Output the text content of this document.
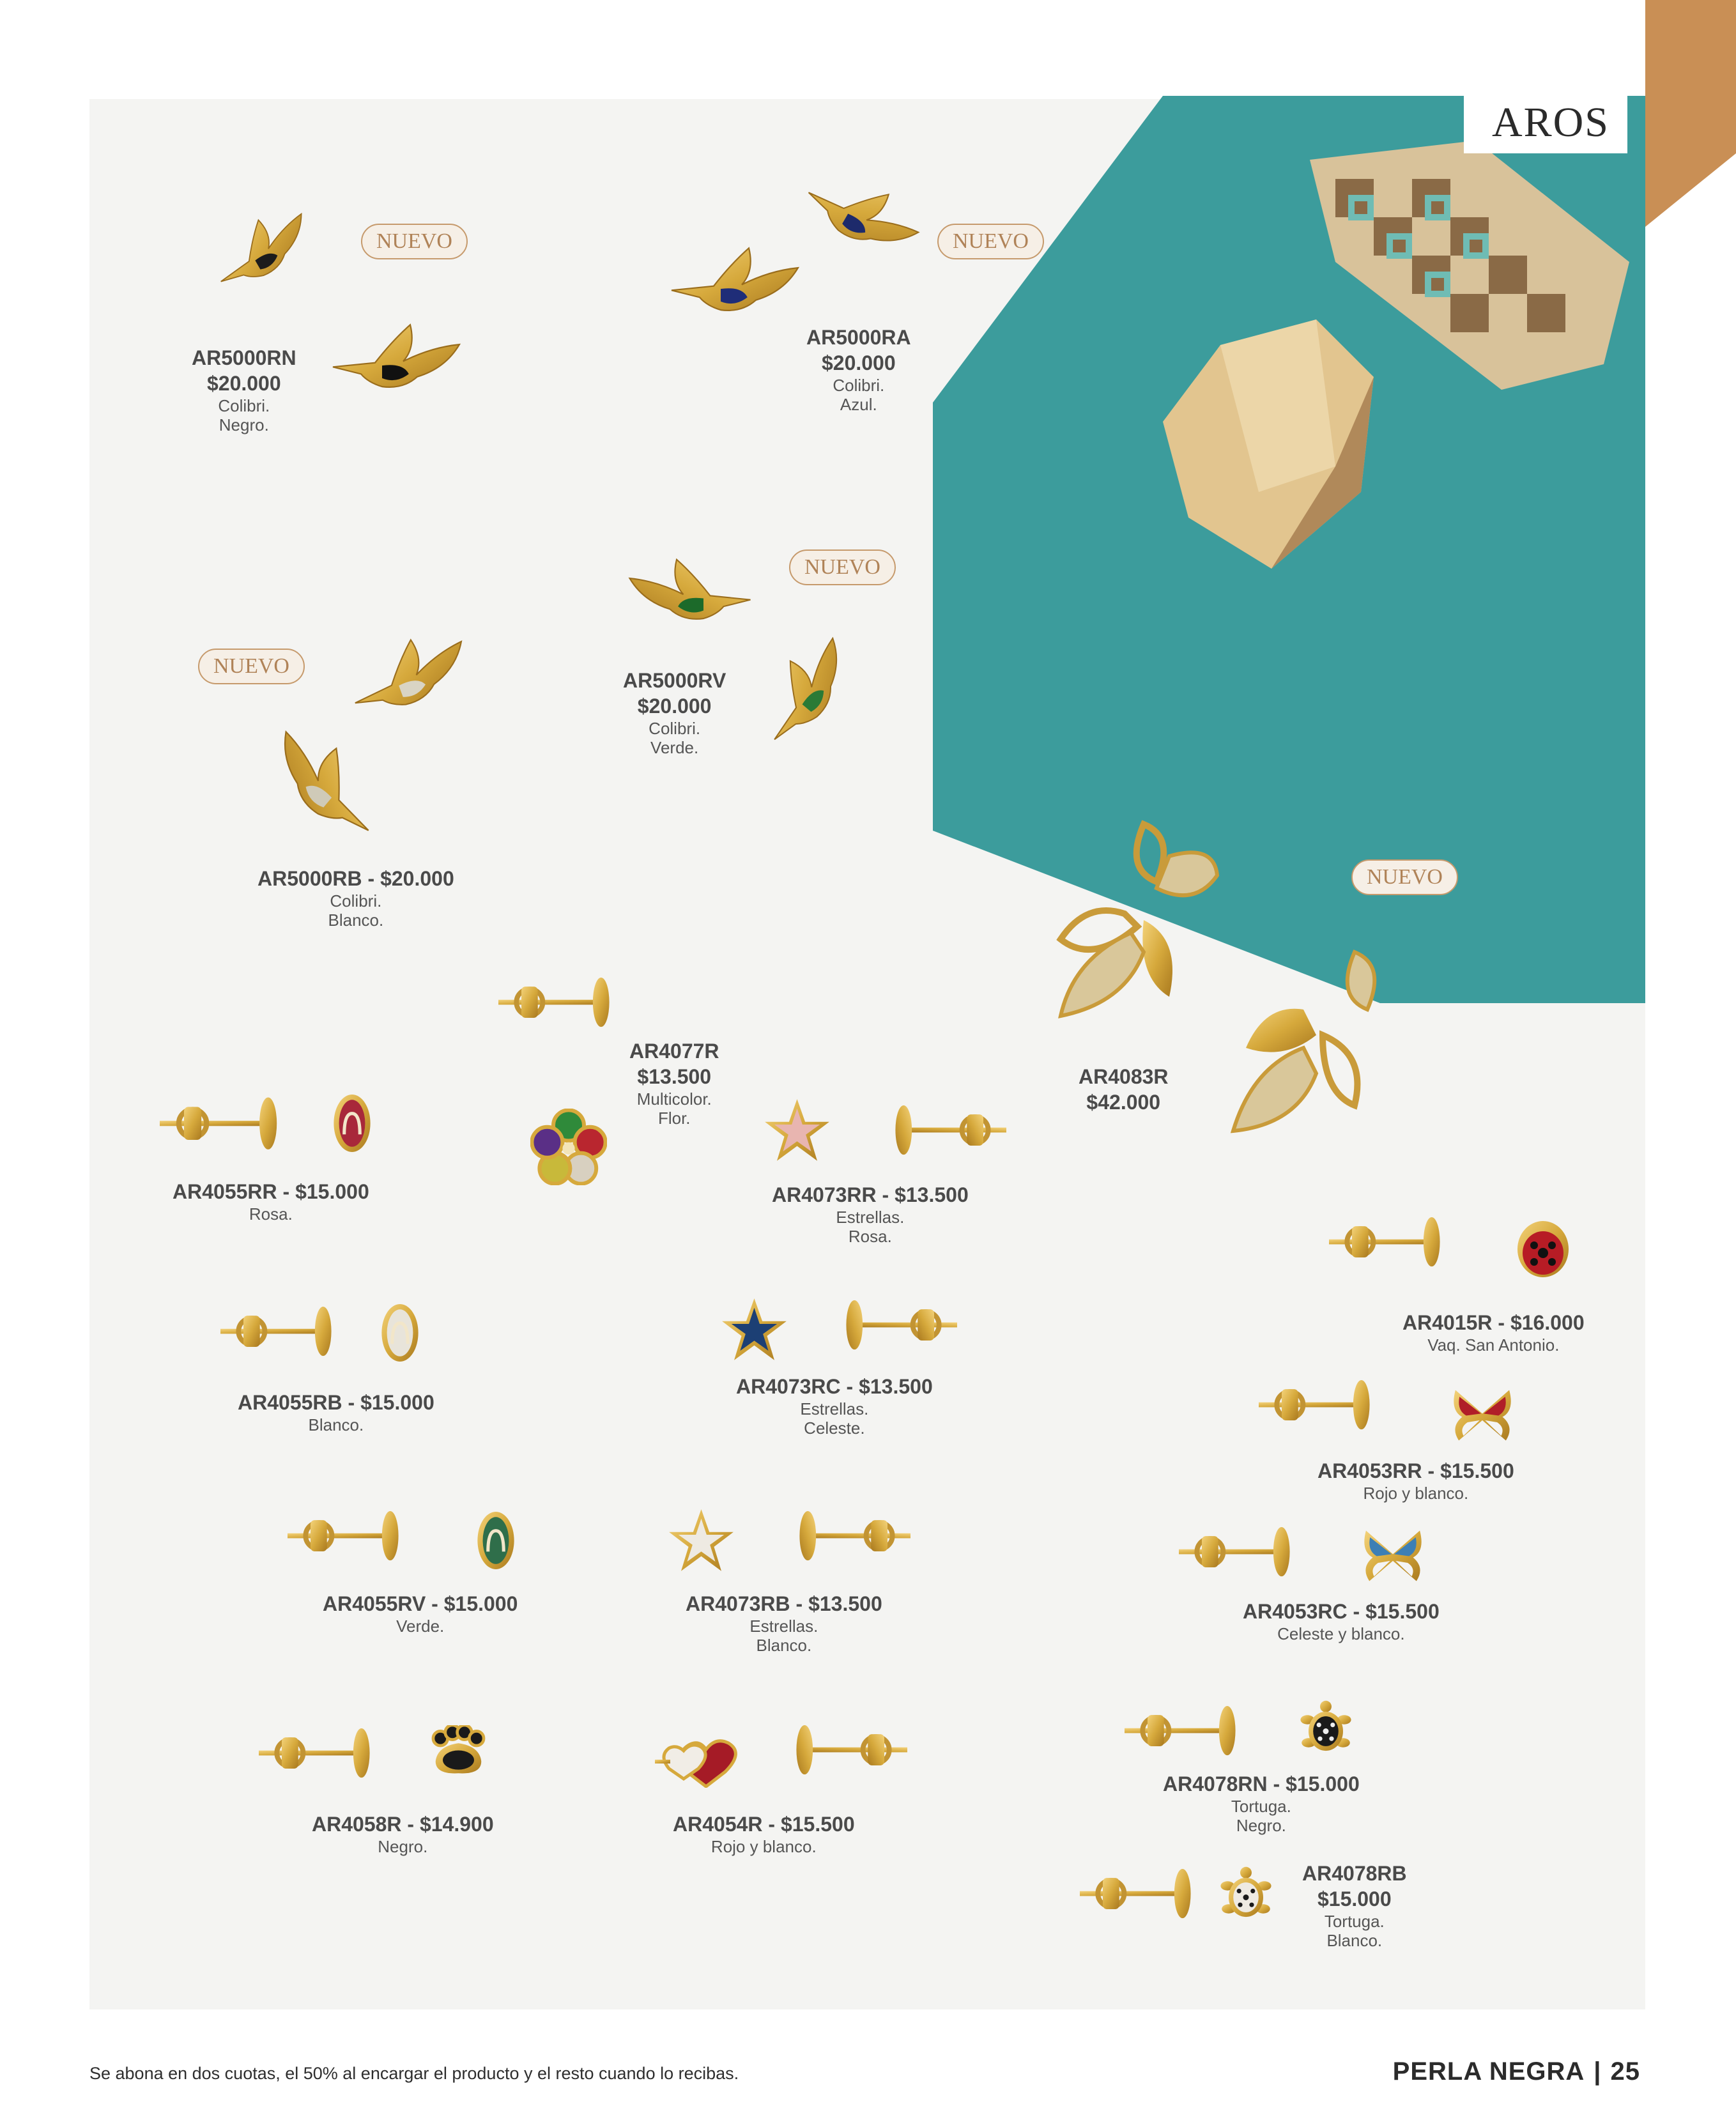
AROS
NUEVO	NUEVO
NUEVO
NUEVO
NUEVO
AR5000RN
$20.000
Colibri.
Negro.
AR5000RA
$20.000
Colibri.
Azul.
AR5000RV
$20.000
Colibri.
Verde.
AR5000RB - $20.000
Colibri.
Blanco.
AR4077R
$13.500
Multicolor.
Flor.
AR4083R
$42.000
AR4055RR - $15.000
Rosa.
AR4073RR - $13.500
Estrellas.
Rosa.
AR4015R - $16.000
Vaq. San Antonio.
AR4055RB - $15.000
Blanco.
AR4073RC - $13.500
Estrellas.
Celeste.
AR4053RR - $15.500
Rojo y blanco.
AR4055RV - $15.000
Verde.
AR4073RB - $13.500
Estrellas.
Blanco.
AR4053RC - $15.500
Celeste y blanco.
AR4058R - $14.900
Negro.
AR4054R - $15.500
Rojo y blanco.
AR4078RN - $15.000
Tortuga.
Negro.
AR4078RB
$15.000
Tortuga.
Blanco.
Se abona en dos cuotas, el 50% al encargar el producto y el resto cuando lo recibas.	PERLA NEGRA | 25
